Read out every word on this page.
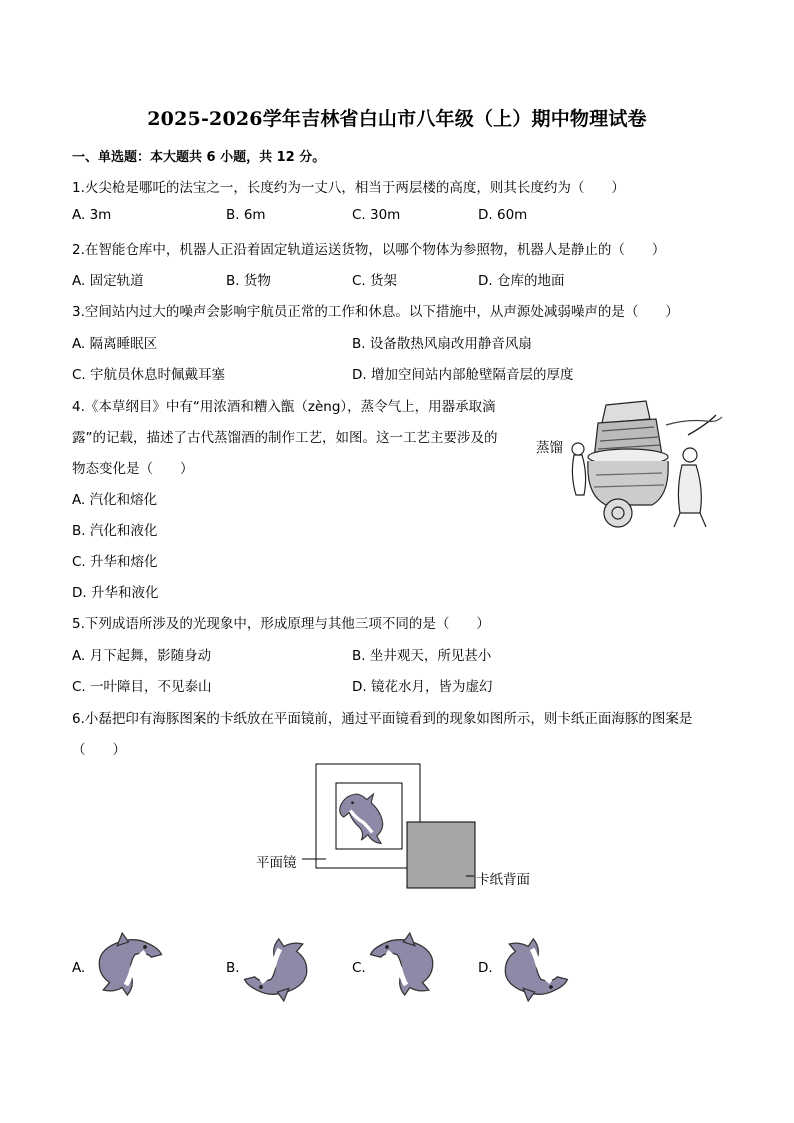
2025-2026学年吉林省白山市八年级（上）期中物理试卷
一、单选题：本大题共 6 小题，共 12 分。
1.火尖枪是哪吒的法宝之一，长度约为一丈八，相当于两层楼的高度，则其长度约为（　　）
A. 3m	B. 6m	C. 30m	D. 60m
2.在智能仓库中，机器人正沿着固定轨道运送货物，以哪个物体为参照物，机器人是静止的（　　）
A. 固定轨道	B. 货物	C. 货架	D. 仓库的地面
3.空间站内过大的噪声会影响宇航员正常的工作和休息。以下措施中，从声源处减弱噪声的是（　　）
A. 隔离睡眠区	B. 设备散热风扇改用静音风扇
C. 宇航员休息时佩戴耳塞	D. 增加空间站内部舱壁隔音层的厚度
4.《本草纲目》中有“用浓酒和糟入甑（zèng），蒸令气上，用器承取滴
露”的记载，描述了古代蒸馏酒的制作工艺，如图。这一工艺主要涉及的
物态变化是（　　）
A. 汽化和熔化
B. 汽化和液化
C. 升华和熔化
D. 升华和液化
蒸馏
5.下列成语所涉及的光现象中，形成原理与其他三项不同的是（　　）
A. 月下起舞，影随身动	B. 坐井观天，所见甚小
C. 一叶障目，不见泰山	D. 镜花水月，皆为虚幻
6.小磊把印有海豚图案的卡纸放在平面镜前，通过平面镜看到的现象如图所示，则卡纸正面海豚的图案是
（　　）
平面镜
卡纸背面
A.	B.	C.	D.
